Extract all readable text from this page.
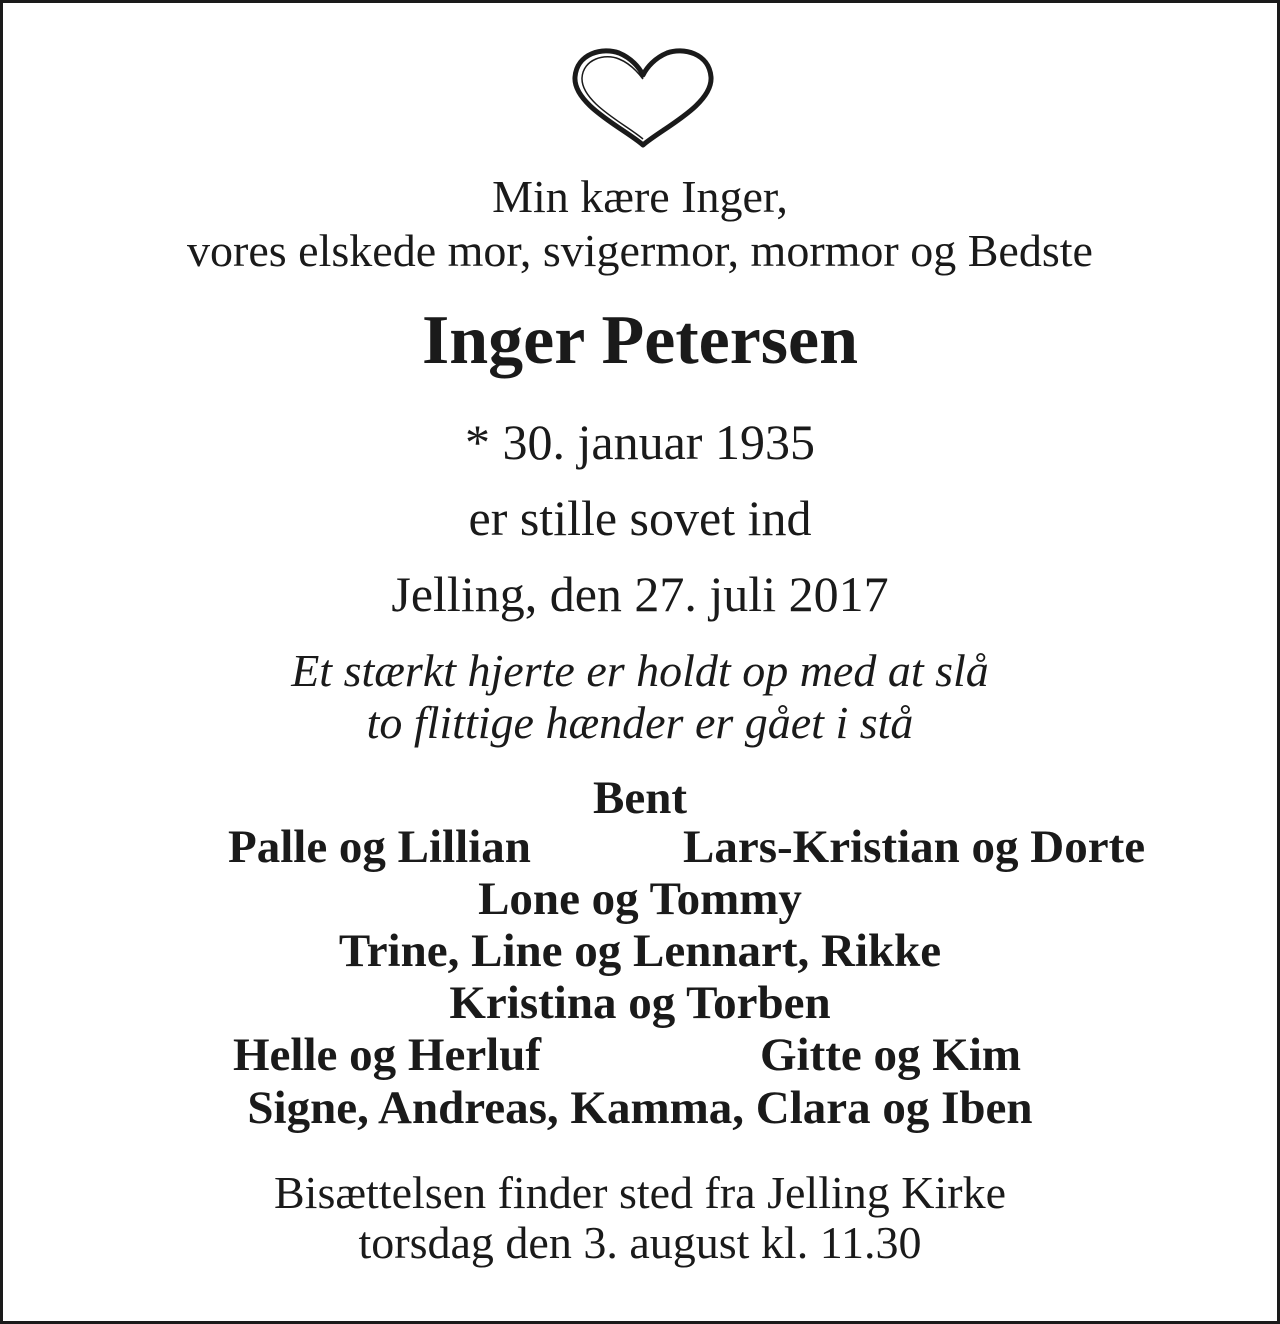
Min kære Inger,
vores elskede mor, svigermor, mormor og Bedste
Inger Petersen
* 30. januar 1935
er stille sovet ind
Jelling, den 27. juli 2017
Et stærkt hjerte er holdt op med at slå
to flittige hænder er gået i stå
Bent
Palle og Lillian	Lars-Kristian og Dorte
Lone og Tommy
Trine, Line og Lennart, Rikke
Kristina og Torben
Helle og Herluf	Gitte og Kim
Signe, Andreas, Kamma, Clara og Iben
Bisættelsen finder sted fra Jelling Kirke
torsdag den 3. august kl. 11.30
